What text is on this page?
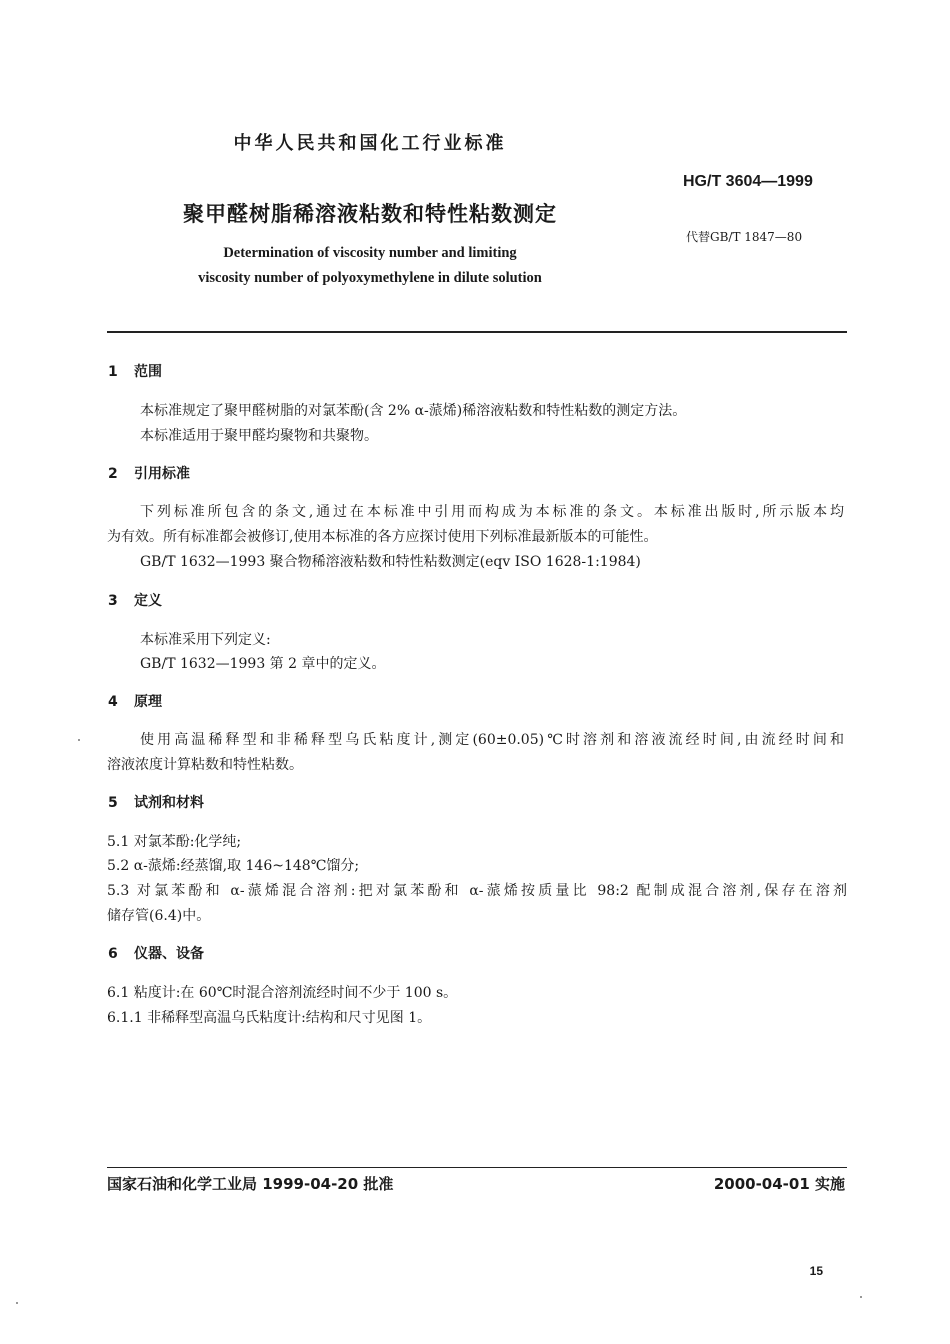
中华人民共和国化工行业标准
HG/T 3604—1999
聚甲醛树脂稀溶液粘数和特性粘数测定
代替GB/T 1847—80
Determination of viscosity number and limiting
viscosity number of polyoxymethylene in dilute solution
1 范围
本标准规定了聚甲醛树脂的对氯苯酚(含 2% α-蒎烯)稀溶液粘数和特性粘数的测定方法。
本标准适用于聚甲醛均聚物和共聚物。
2 引用标准
下列标准所包含的条文,通过在本标准中引用而构成为本标准的条文。本标准出版时,所示版本均
为有效。所有标准都会被修订,使用本标准的各方应探讨使用下列标准最新版本的可能性。
GB/T 1632—1993 聚合物稀溶液粘数和特性粘数测定(eqv ISO 1628-1:1984)
3 定义
本标准采用下列定义:
GB/T 1632—1993 第 2 章中的定义。
4 原理
使用高温稀释型和非稀释型乌氏粘度计,测定(60±0.05)℃时溶剂和溶液流经时间,由流经时间和
溶液浓度计算粘数和特性粘数。
5 试剂和材料
5.1 对氯苯酚:化学纯;
5.2 α-蒎烯:经蒸馏,取 146~148℃馏分;
5.3 对氯苯酚和 α-蒎烯混合溶剂:把对氯苯酚和 α-蒎烯按质量比 98:2 配制成混合溶剂,保存在溶剂
储存管(6.4)中。
6 仪器、设备
6.1 粘度计:在 60℃时混合溶剂流经时间不少于 100 s。
6.1.1 非稀释型高温乌氏粘度计:结构和尺寸见图 1。
国家石油和化学工业局 1999-04-20 批准	2000-04-01 实施
15
